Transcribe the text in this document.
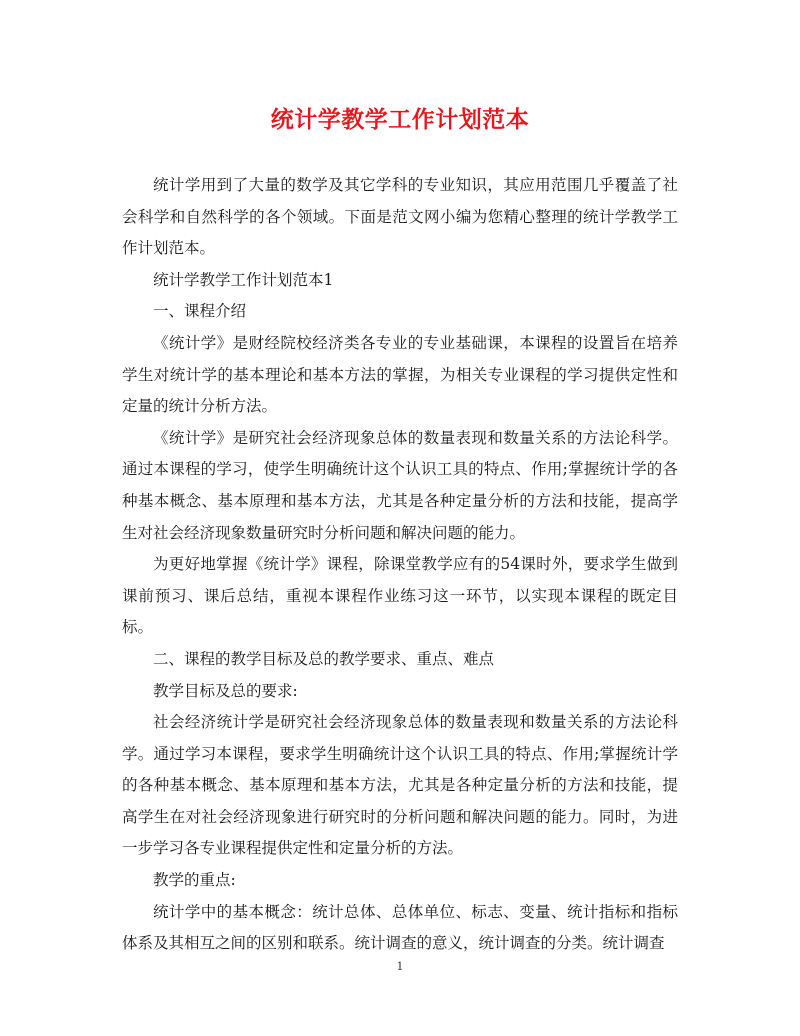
统计学教学工作计划范本

统计学用到了大量的数学及其它学科的专业知识，其应用范围几乎覆盖了社会科学和自然科学的各个领域。下面是范文网小编为您精心整理的统计学教学工作计划范本。

统计学教学工作计划范本1

一、课程介绍

《统计学》是财经院校经济类各专业的专业基础课，本课程的设置旨在培养学生对统计学的基本理论和基本方法的掌握，为相关专业课程的学习提供定性和定量的统计分析方法。

《统计学》是研究社会经济现象总体的数量表现和数量关系的方法论科学。通过本课程的学习，使学生明确统计这个认识工具的特点、作用;掌握统计学的各种基本概念、基本原理和基本方法，尤其是各种定量分析的方法和技能，提高学生对社会经济现象数量研究时分析问题和解决问题的能力。

为更好地掌握《统计学》课程，除课堂教学应有的54课时外，要求学生做到课前预习、课后总结，重视本课程作业练习这一环节，以实现本课程的既定目标。

二、课程的教学目标及总的教学要求、重点、难点

教学目标及总的要求:

社会经济统计学是研究社会经济现象总体的数量表现和数量关系的方法论科学。通过学习本课程，要求学生明确统计这个认识工具的特点、作用;掌握统计学的各种基本概念、基本原理和基本方法，尤其是各种定量分析的方法和技能，提高学生在对社会经济现象进行研究时的分析问题和解决问题的能力。同时，为进一步学习各专业课程提供定性和定量分析的方法。

教学的重点:

统计学中的基本概念：统计总体、总体单位、标志、变量、统计指标和指标体系及其相互之间的区别和联系。统计调查的意义，统计调查的分类。统计调查

1
